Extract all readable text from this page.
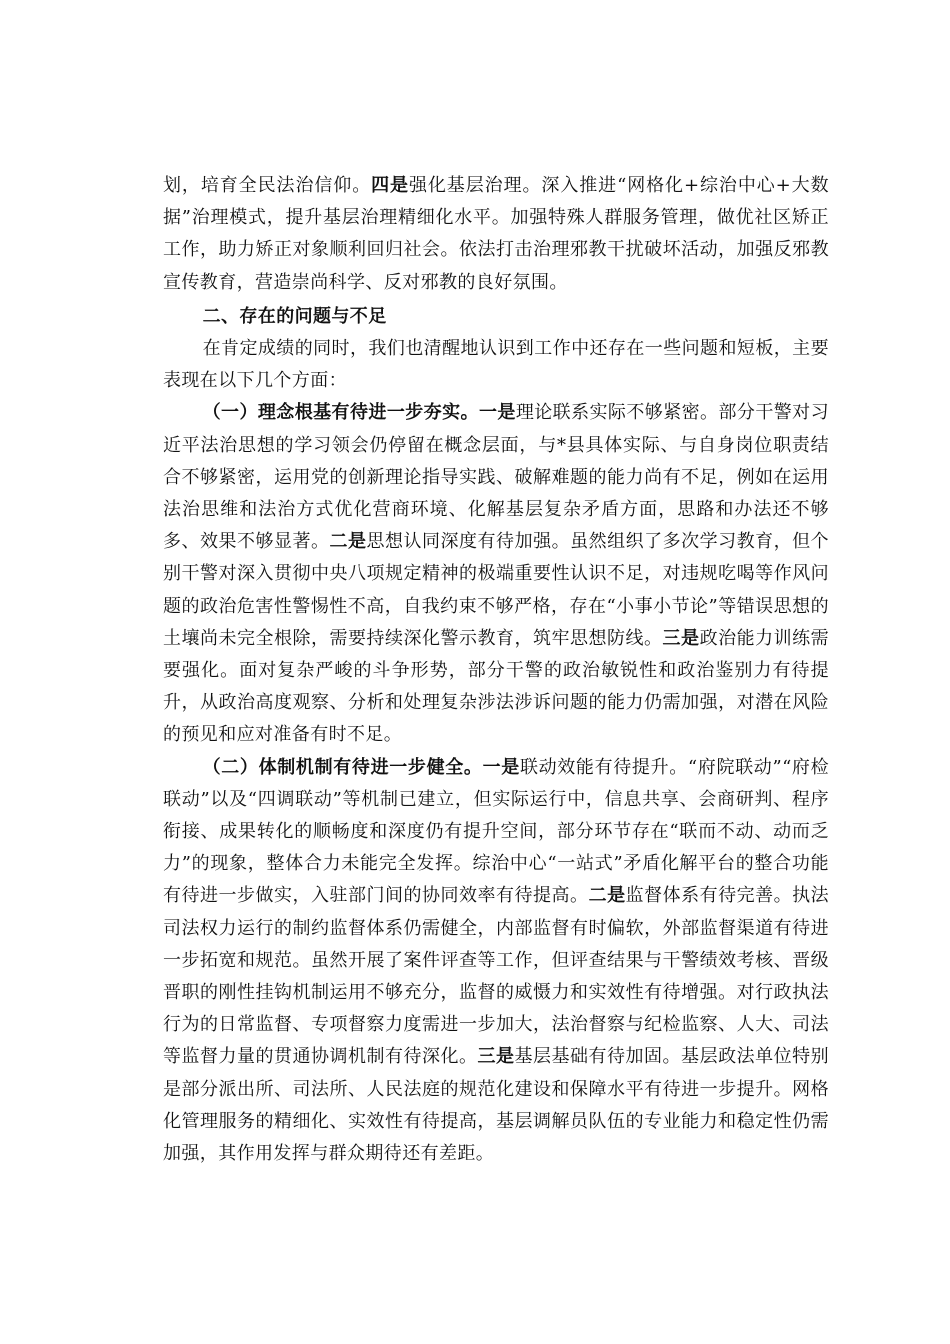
划，培育全民法治信仰。四是强化基层治理。深入推进“网格化+综治中心+大数据”治理模式，提升基层治理精细化水平。加强特殊人群服务管理，做优社区矫正工作，助力矫正对象顺利回归社会。依法打击治理邪教干扰破坏活动，加强反邪教宣传教育，营造崇尚科学、反对邪教的良好氛围。

二、存在的问题与不足

在肯定成绩的同时，我们也清醒地认识到工作中还存在一些问题和短板，主要表现在以下几个方面：

（一）理念根基有待进一步夯实。一是理论联系实际不够紧密。部分干警对习近平法治思想的学习领会仍停留在概念层面，与*县具体实际、与自身岗位职责结合不够紧密，运用党的创新理论指导实践、破解难题的能力尚有不足，例如在运用法治思维和法治方式优化营商环境、化解基层复杂矛盾方面，思路和办法还不够多、效果不够显著。二是思想认同深度有待加强。虽然组织了多次学习教育，但个别干警对深入贯彻中央八项规定精神的极端重要性认识不足，对违规吃喝等作风问题的政治危害性警惕性不高，自我约束不够严格，存在“小事小节论”等错误思想的土壤尚未完全根除，需要持续深化警示教育，筑牢思想防线。三是政治能力训练需要强化。面对复杂严峻的斗争形势，部分干警的政治敏锐性和政治鉴别力有待提升，从政治高度观察、分析和处理复杂涉法涉诉问题的能力仍需加强，对潜在风险的预见和应对准备有时不足。

（二）体制机制有待进一步健全。一是联动效能有待提升。“府院联动”“府检联动”以及“四调联动”等机制已建立，但实际运行中，信息共享、会商研判、程序衔接、成果转化的顺畅度和深度仍有提升空间，部分环节存在“联而不动、动而乏力”的现象，整体合力未能完全发挥。综治中心“一站式”矛盾化解平台的整合功能有待进一步做实，入驻部门间的协同效率有待提高。二是监督体系有待完善。执法司法权力运行的制约监督体系仍需健全，内部监督有时偏软，外部监督渠道有待进一步拓宽和规范。虽然开展了案件评查等工作，但评查结果与干警绩效考核、晋级晋职的刚性挂钩机制运用不够充分，监督的威慑力和实效性有待增强。对行政执法行为的日常监督、专项督察力度需进一步加大，法治督察与纪检监察、人大、司法等监督力量的贯通协调机制有待深化。三是基层基础有待加固。基层政法单位特别是部分派出所、司法所、人民法庭的规范化建设和保障水平有待进一步提升。网格化管理服务的精细化、实效性有待提高，基层调解员队伍的专业能力和稳定性仍需加强，其作用发挥与群众期待还有差距。
